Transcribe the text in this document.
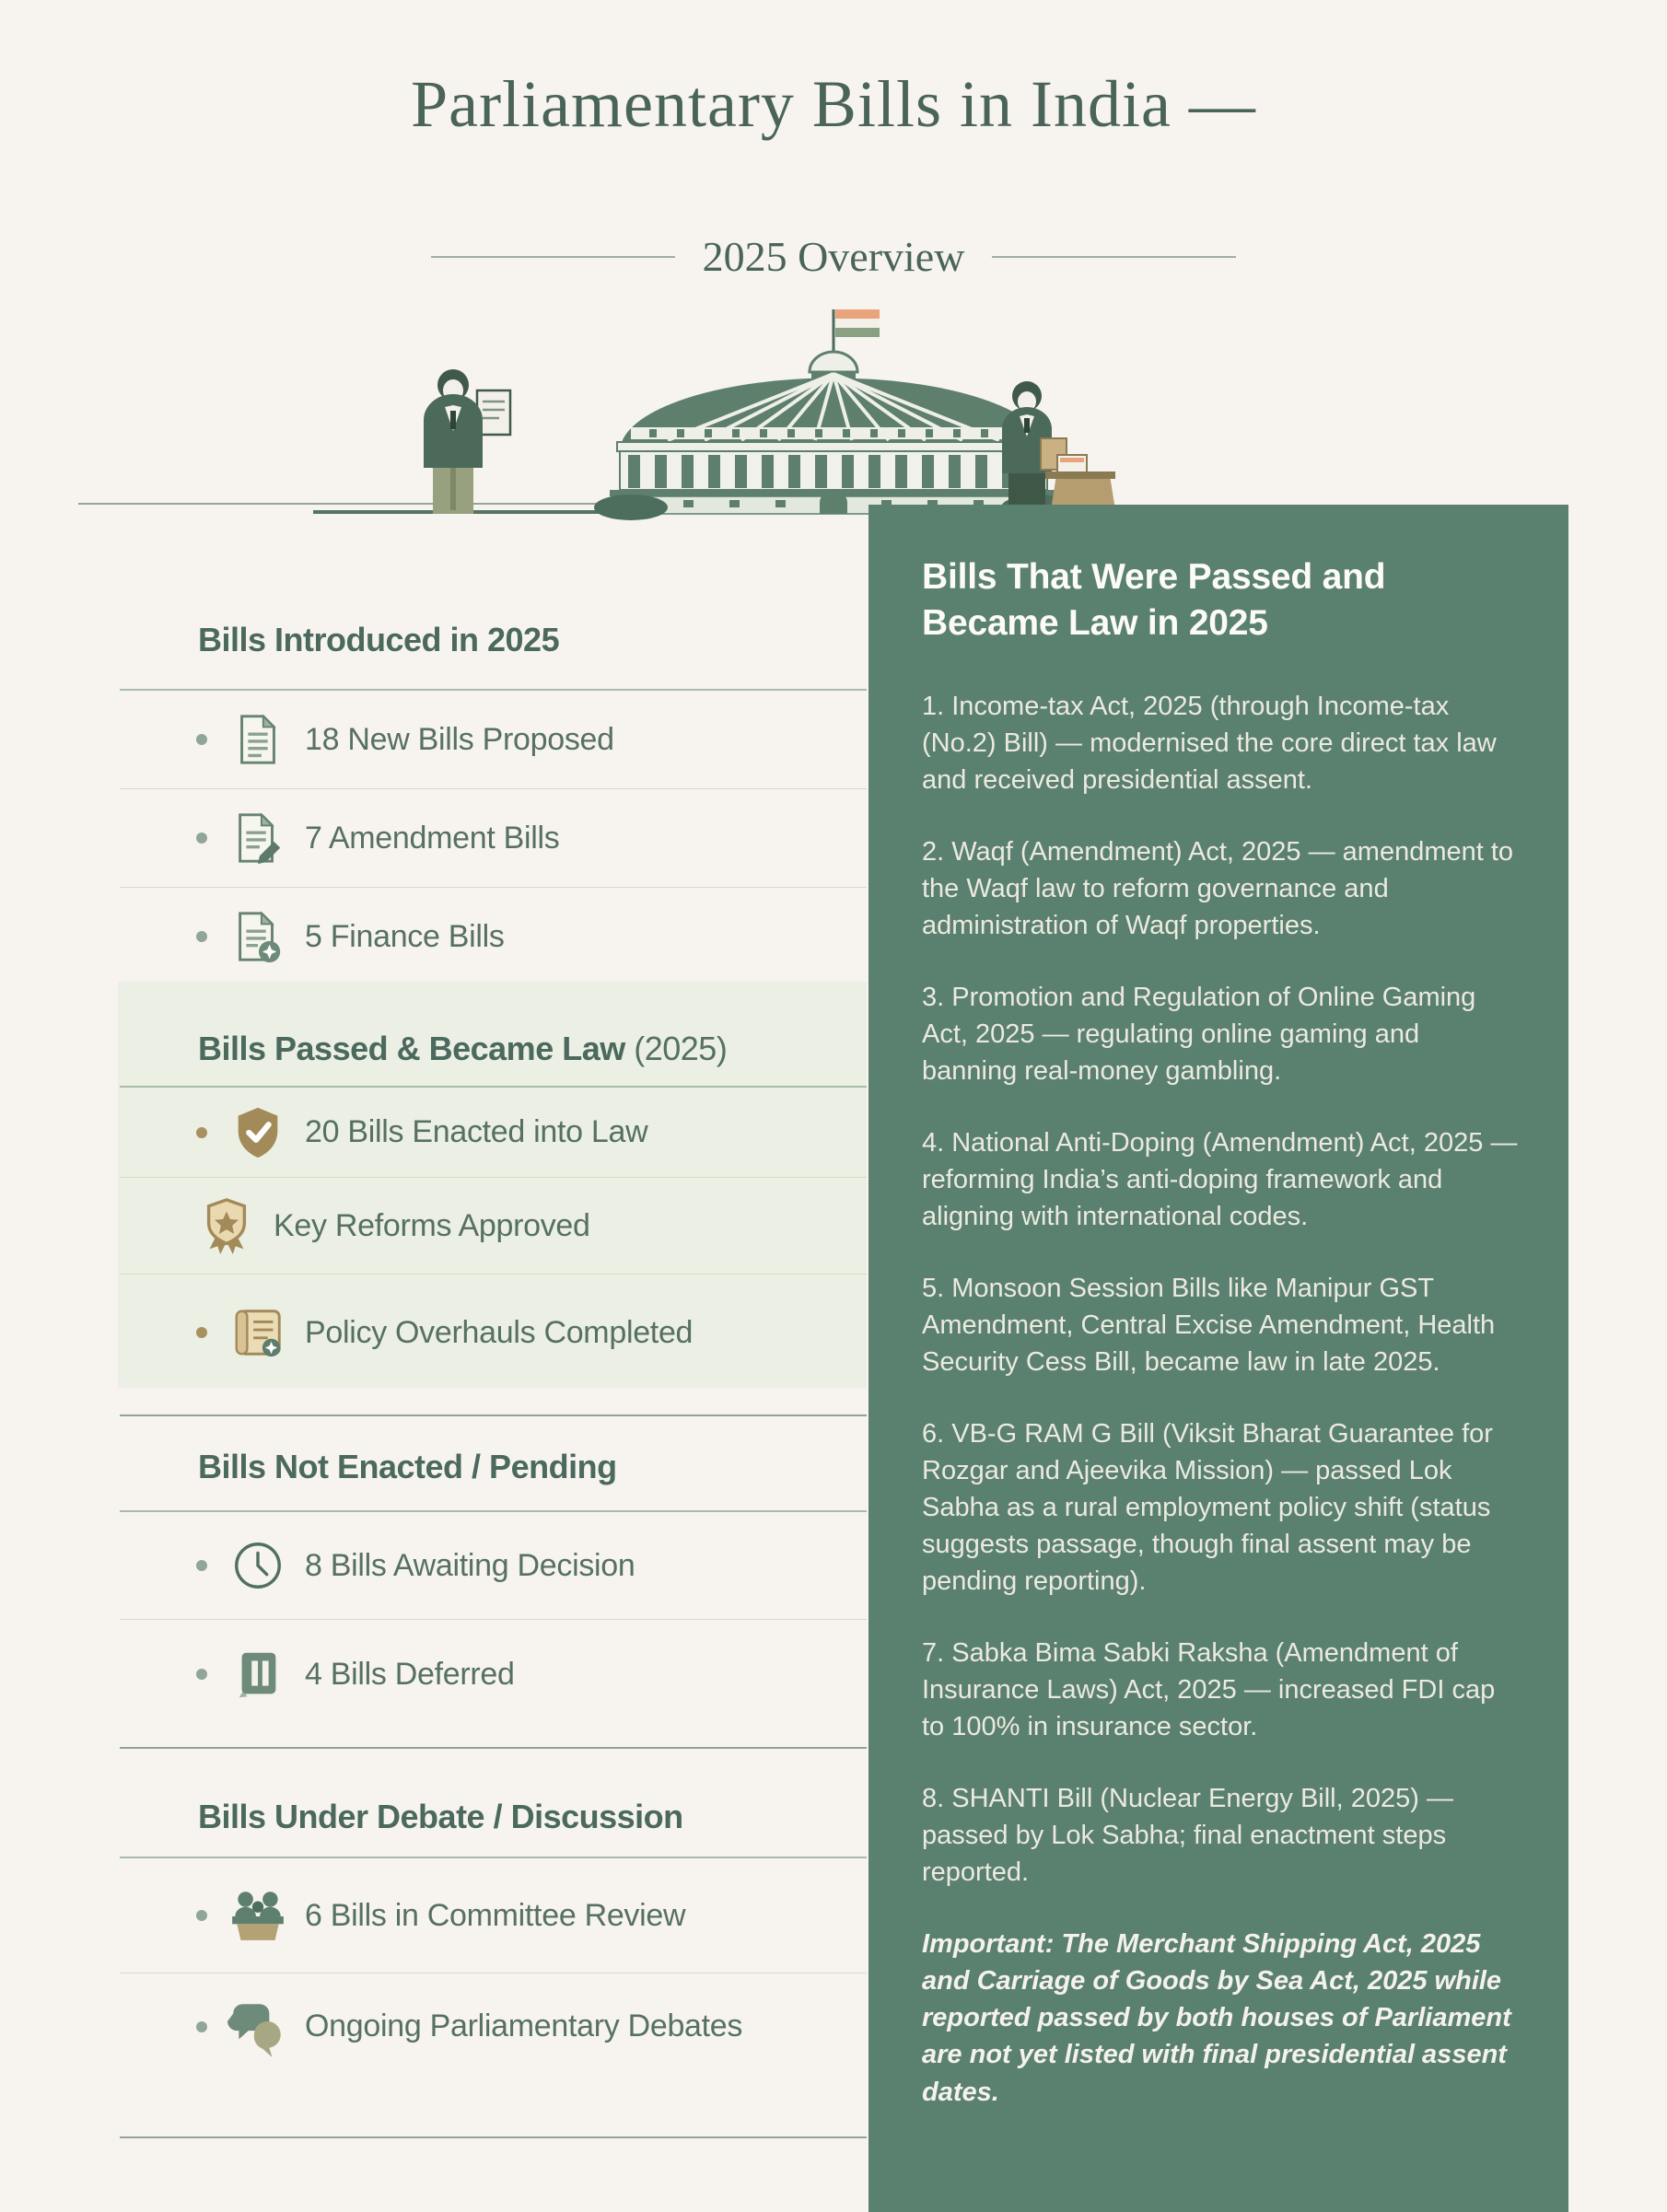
Parliamentary Bills in India —
2025 Overview
Bills Introduced in 2025
18 New Bills Proposed
7 Amendment Bills
5 Finance Bills
Bills Passed & Became Law (2025)
20 Bills Enacted into Law
Key Reforms Approved
Policy Overhauls Completed
Bills Not Enacted / Pending
8 Bills Awaiting Decision
4 Bills Deferred
Bills Under Debate / Discussion
6 Bills in Committee Review
Ongoing Parliamentary Debates
Bills That Were Passed and Became Law in 2025

1. Income-tax Act, 2025 (through Income-tax (No.2) Bill) — modernised the core direct tax law and received presidential assent.

2. Waqf (Amendment) Act, 2025 — amendment to the Waqf law to reform governance and administration of Waqf properties.

3. Promotion and Regulation of Online Gaming Act, 2025 — regulating online gaming and banning real-money gambling.

4. National Anti-Doping (Amendment) Act, 2025 — reforming India’s anti-doping framework and aligning with international codes.

5. Monsoon Session Bills like Manipur GST Amendment, Central Excise Amendment, Health Security Cess Bill, became law in late 2025.

6. VB-G RAM G Bill (Viksit Bharat Guarantee for Rozgar and Ajeevika Mission) — passed Lok Sabha as a rural employment policy shift (status suggests passage, though final assent may be pending reporting).

7. Sabka Bima Sabki Raksha (Amendment of Insurance Laws) Act, 2025 — increased FDI cap to 100% in insurance sector.

8. SHANTI Bill (Nuclear Energy Bill, 2025) — passed by Lok Sabha; final enactment steps reported.

Important: The Merchant Shipping Act, 2025 and Carriage of Goods by Sea Act, 2025 while reported passed by both houses of Parliament are not yet listed with final presidential assent dates.
